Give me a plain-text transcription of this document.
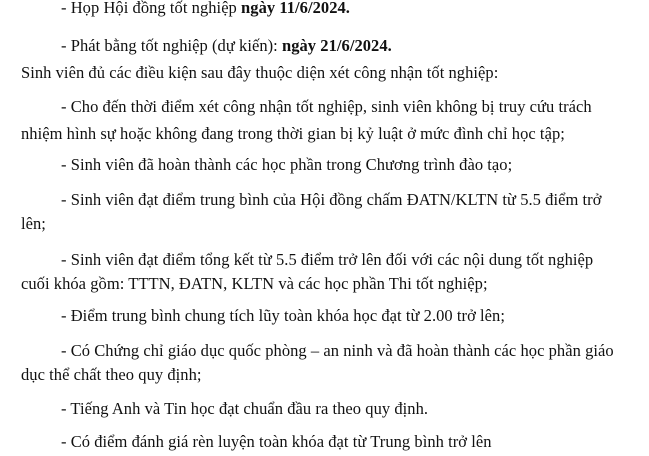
- Họp Hội đồng tốt nghiệp ngày 11/6/2024.
- Phát bằng tốt nghiệp (dự kiến): ngày 21/6/2024.
Sinh viên đủ các điều kiện sau đây thuộc diện xét công nhận tốt nghiệp:
- Cho đến thời điểm xét công nhận tốt nghiệp, sinh viên không bị truy cứu trách
nhiệm hình sự hoặc không đang trong thời gian bị kỷ luật ở mức đình chỉ học tập;
- Sinh viên đã hoàn thành các học phần trong Chương trình đào tạo;
- Sinh viên đạt điểm trung bình của Hội đồng chấm ĐATN/KLTN từ 5.5 điểm trở
lên;
- Sinh viên đạt điểm tổng kết từ 5.5 điểm trở lên đối với các nội dung tốt nghiệp
cuối khóa gồm: TTTN, ĐATN, KLTN và các học phần Thi tốt nghiệp;
- Điểm trung bình chung tích lũy toàn khóa học đạt từ 2.00 trở lên;
- Có Chứng chỉ giáo dục quốc phòng – an ninh và đã hoàn thành các học phần giáo
dục thể chất theo quy định;
- Tiếng Anh và Tin học đạt chuẩn đầu ra theo quy định.
- Có điểm đánh giá rèn luyện toàn khóa đạt từ Trung bình trở lên
